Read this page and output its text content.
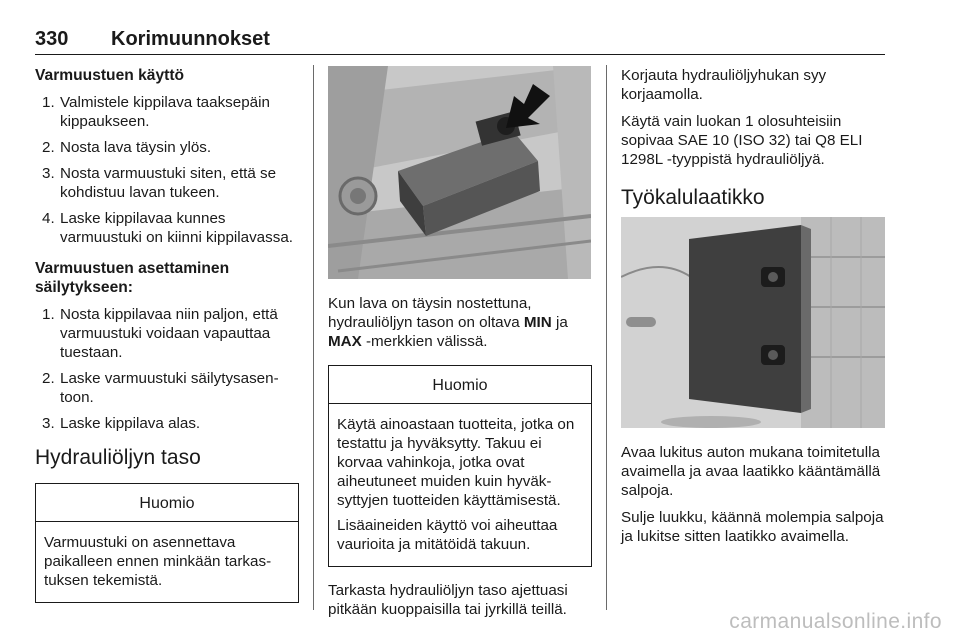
330 Korimuunnokset
Varmuustuen käyttö
1. Valmistele kippilava taaksepäin kippaukseen.
2. Nosta lava täysin ylös.
3. Nosta varmuustuki siten, että se kohdistuu lavan tukeen.
4. Laske kippilavaa kunnes varmuustuki on kiinni kippilavassa.
Varmuustuen asettaminen säilytykseen:
1. Nosta kippilavaa niin paljon, että varmuustuki voidaan vapauttaa tuestaan.
2. Laske varmuustuki säilytysasentoon.
3. Laske kippilava alas.
Hydrauliöljyn taso
Huomio

Varmuustuki on asennettava paikalleen ennen minkään tarkastuksen tekemistä.

Kun lava on täysin nostettuna, hydrauliöljyn tason on oltava MIN ja
MAX -merkkien välissä.

Huomio

Käytä ainoastaan tuotteita, jotka on testattu ja hyväksytty. Takuu ei korvaa vahinkoja, jotka ovat aiheutuneet muiden kuin hyväksyttyjen tuotteiden käyttämisestä.

Lisäaineiden käyttö voi aiheuttaa vaurioita ja mitätöidä takuun.

Tarkasta hydrauliöljyn taso ajettuasi pitkään kuoppaisilla tai jyrkillä teillä.

Korjauta hydrauliöljyhukan syy korjaamolla.

Käytä vain luokan 1 olosuhteisiin sopivaa SAE 10 (ISO 32) tai Q8 ELI 1298L -tyyppistä hydrauliöljyä.

Työkalulaatikko

Avaa lukitus auton mukana toimitetulla avaimella ja avaa laatikko kääntämällä salpoja.

Sulje luukku, käännä molempia salpoja ja lukitse sitten laatikko avaimella.

carmanualsonline.info
